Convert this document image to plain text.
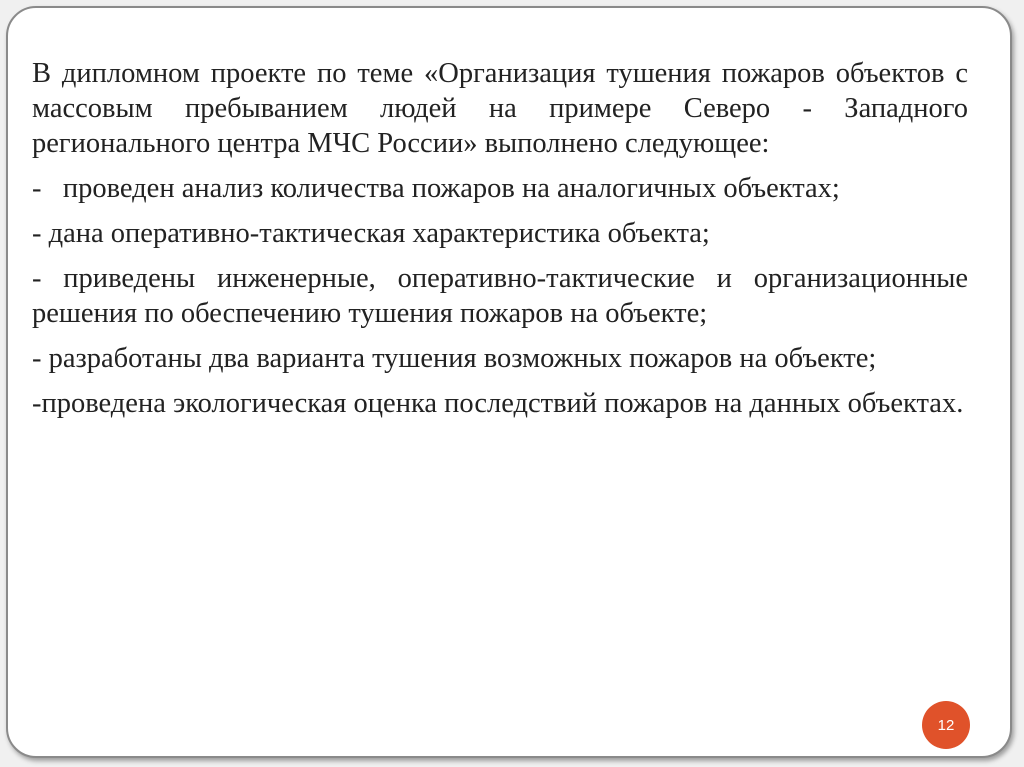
В дипломном проекте по теме «Организация тушения пожаров объектов с массовым пребыванием людей на примере Северо - Западного регионального центра МЧС России» выполнено следующее:

-   проведен анализ количества пожаров на аналогичных объектах;

- дана оперативно-тактическая характеристика объекта;

- приведены инженерные, оперативно-тактические и организационные решения по обеспечению тушения пожаров на объекте;

- разработаны два варианта тушения возможных пожаров на объекте;

-проведена экологическая оценка последствий пожаров на данных объектах.

12
